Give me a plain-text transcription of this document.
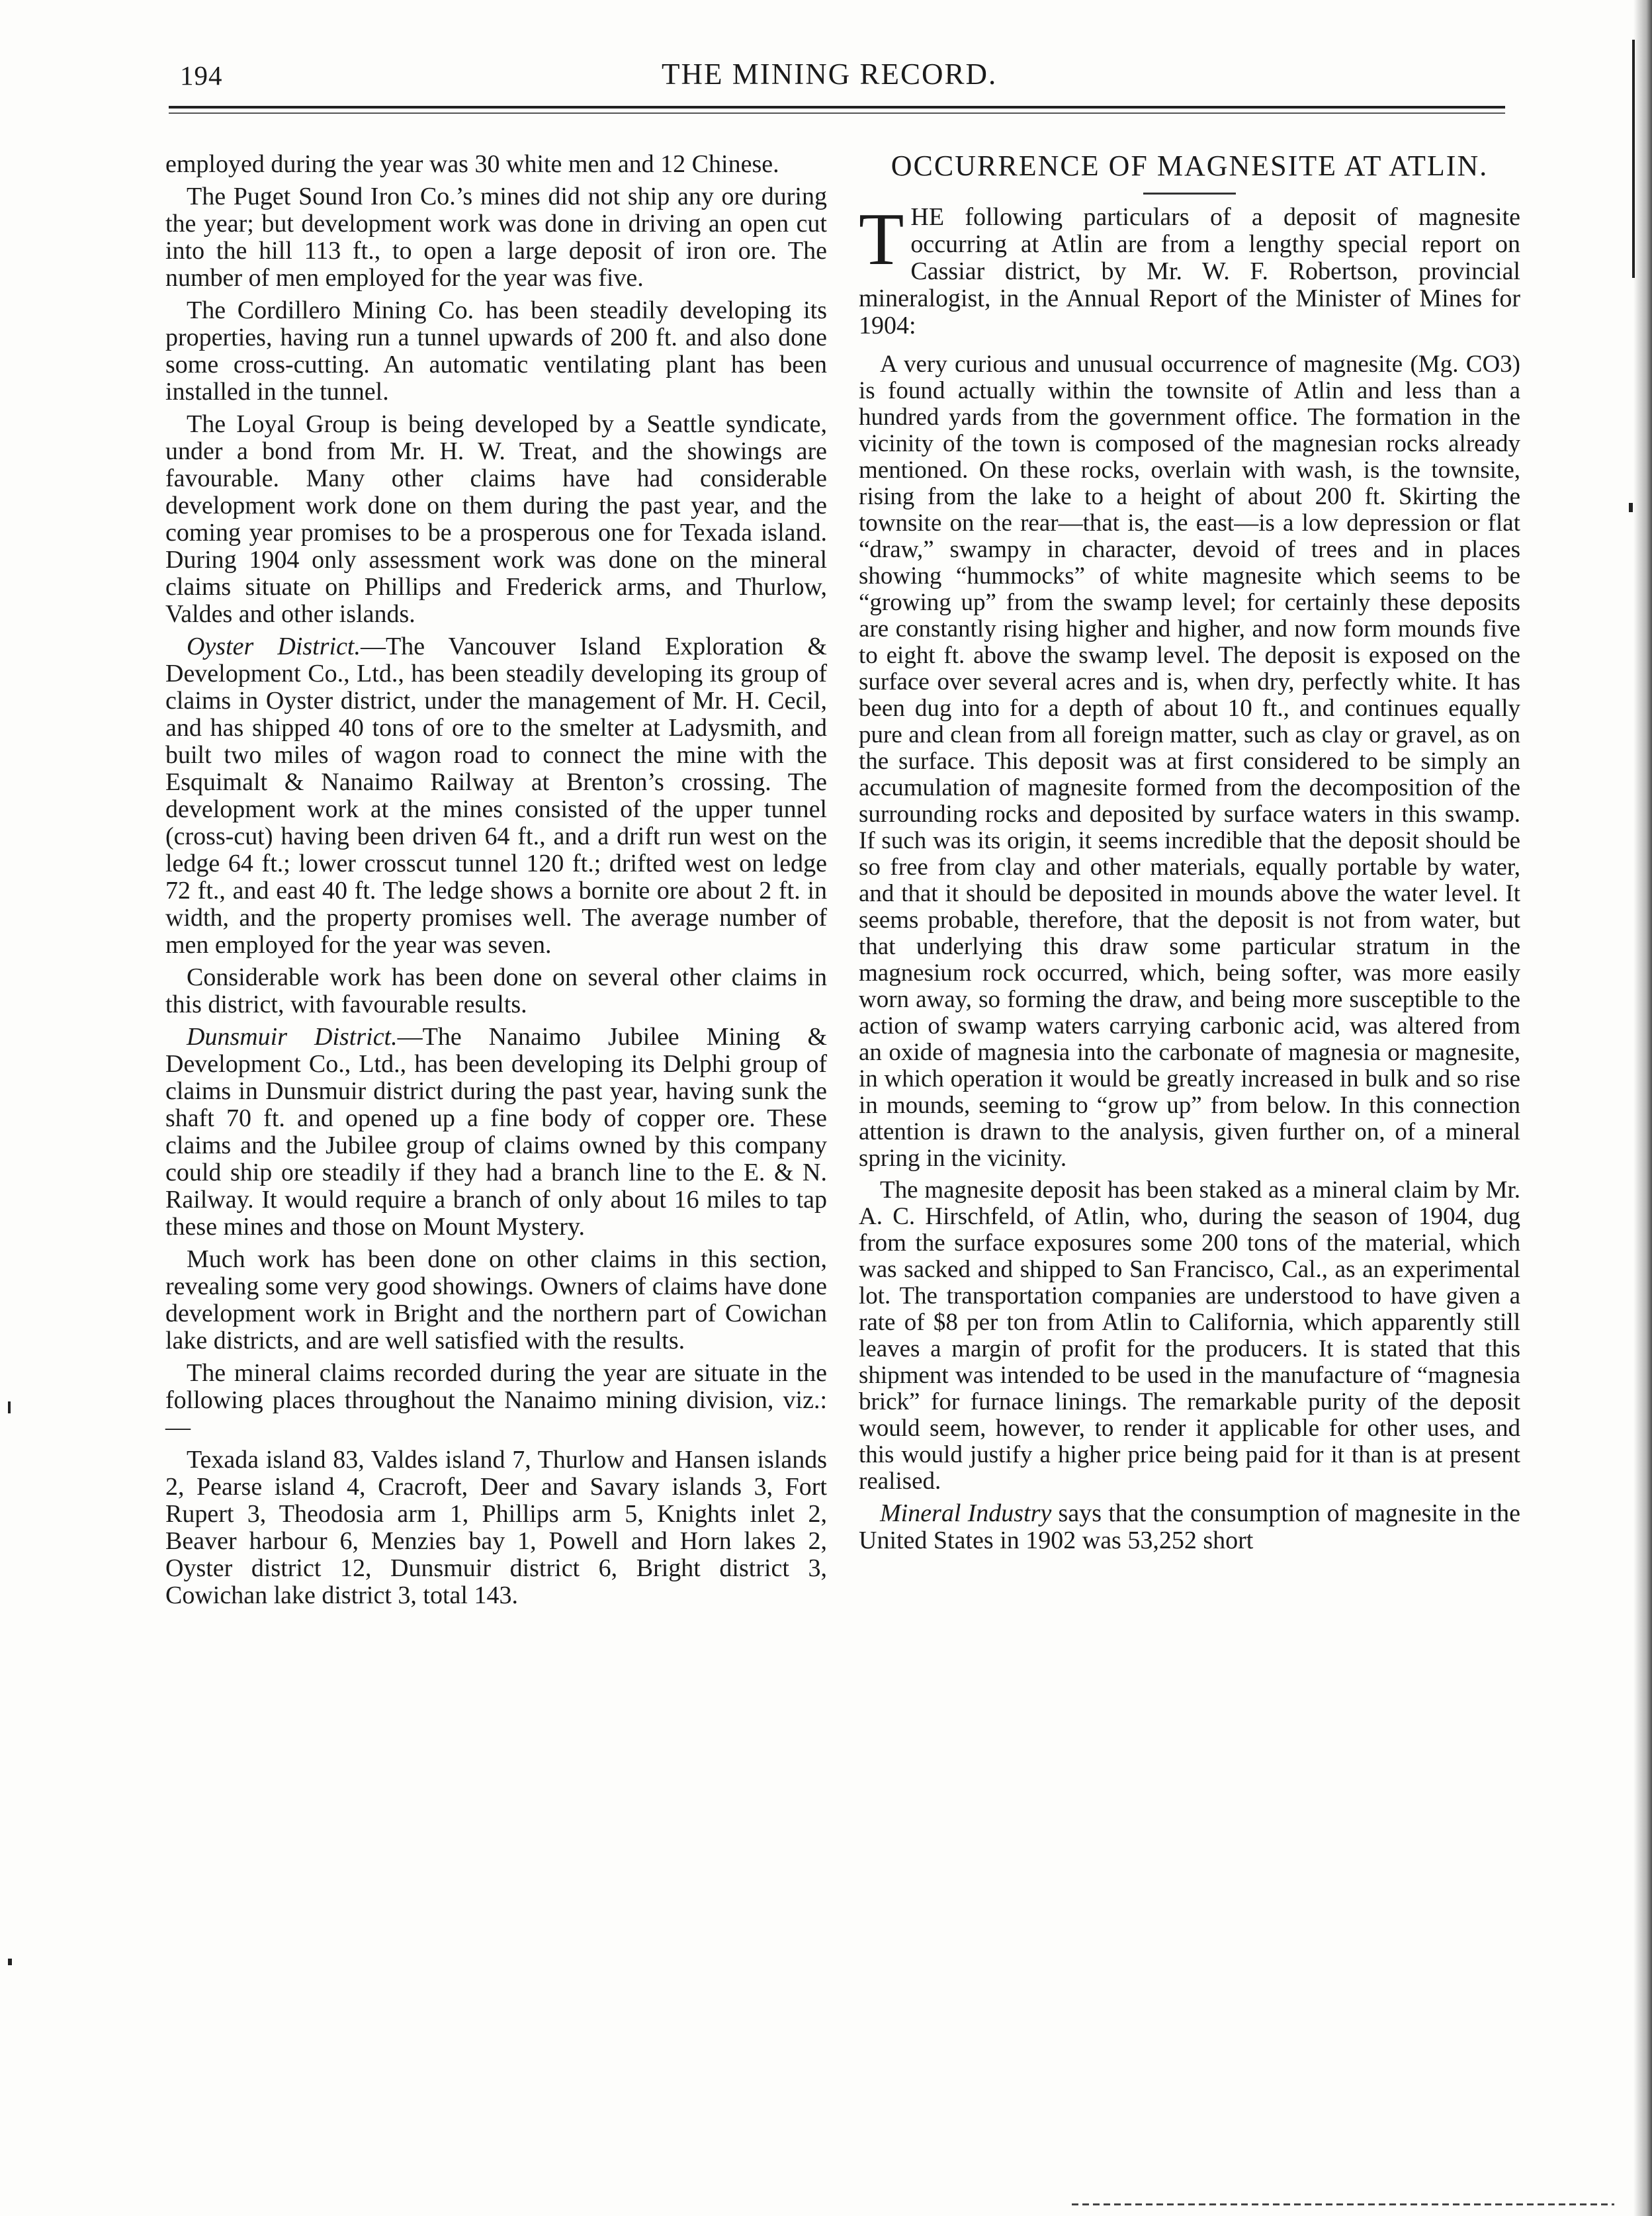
194	THE MINING RECORD.

employed during the year was 30 white men and 12 Chinese.

The Puget Sound Iron Co.’s mines did not ship any ore during the year; but development work was done in driving an open cut into the hill 113 ft., to open a large deposit of iron ore. The number of men employed for the year was five.

The Cordillero Mining Co. has been steadily developing its properties, having run a tunnel upwards of 200 ft. and also done some cross-cutting. An automatic ventilating plant has been installed in the tunnel.

The Loyal Group is being developed by a Seattle syndicate, under a bond from Mr. H. W. Treat, and the showings are favourable. Many other claims have had considerable development work done on them during the past year, and the coming year promises to be a prosperous one for Texada island. During 1904 only assessment work was done on the mineral claims situate on Phillips and Frederick arms, and Thurlow, Valdes and other islands.

Oyster District.—The Vancouver Island Exploration & Development Co., Ltd., has been steadily developing its group of claims in Oyster district, under the management of Mr. H. Cecil, and has shipped 40 tons of ore to the smelter at Ladysmith, and built two miles of wagon road to connect the mine with the Esquimalt & Nanaimo Railway at Brenton’s crossing. The development work at the mines consisted of the upper tunnel (cross-cut) having been driven 64 ft., and a drift run west on the ledge 64 ft.; lower crosscut tunnel 120 ft.; drifted west on ledge 72 ft., and east 40 ft. The ledge shows a bornite ore about 2 ft. in width, and the property promises well. The average number of men employed for the year was seven.

Considerable work has been done on several other claims in this district, with favourable results.

Dunsmuir District.—The Nanaimo Jubilee Mining & Development Co., Ltd., has been developing its Delphi group of claims in Dunsmuir district during the past year, having sunk the shaft 70 ft. and opened up a fine body of copper ore. These claims and the Jubilee group of claims owned by this company could ship ore steadily if they had a branch line to the E. & N. Railway. It would require a branch of only about 16 miles to tap these mines and those on Mount Mystery.

Much work has been done on other claims in this section, revealing some very good showings. Owners of claims have done development work in Bright and the northern part of Cowichan lake districts, and are well satisfied with the results.

The mineral claims recorded during the year are situate in the following places throughout the Nanaimo mining division, viz.:—

Texada island 83, Valdes island 7, Thurlow and Hansen islands 2, Pearse island 4, Cracroft, Deer and Savary islands 3, Fort Rupert 3, Theodosia arm 1, Phillips arm 5, Knights inlet 2, Beaver harbour 6, Menzies bay 1, Powell and Horn lakes 2, Oyster district 12, Dunsmuir district 6, Bright district 3, Cowichan lake district 3, total 143.

OCCURRENCE OF MAGNESITE AT ATLIN.

THE following particulars of a deposit of magnesite occurring at Atlin are from a lengthy special report on Cassiar district, by Mr. W. F. Robertson, provincial mineralogist, in the Annual Report of the Minister of Mines for 1904:

A very curious and unusual occurrence of magnesite (Mg. CO3) is found actually within the townsite of Atlin and less than a hundred yards from the government office. The formation in the vicinity of the town is composed of the magnesian rocks already mentioned. On these rocks, overlain with wash, is the townsite, rising from the lake to a height of about 200 ft. Skirting the townsite on the rear—that is, the east—is a low depression or flat “draw,” swampy in character, devoid of trees and in places showing “hummocks” of white magnesite which seems to be “growing up” from the swamp level; for certainly these deposits are constantly rising higher and higher, and now form mounds five to eight ft. above the swamp level. The deposit is exposed on the surface over several acres and is, when dry, perfectly white. It has been dug into for a depth of about 10 ft., and continues equally pure and clean from all foreign matter, such as clay or gravel, as on the surface. This deposit was at first considered to be simply an accumulation of magnesite formed from the decomposition of the surrounding rocks and deposited by surface waters in this swamp. If such was its origin, it seems incredible that the deposit should be so free from clay and other materials, equally portable by water, and that it should be deposited in mounds above the water level. It seems probable, therefore, that the deposit is not from water, but that underlying this draw some particular stratum in the magnesium rock occurred, which, being softer, was more easily worn away, so forming the draw, and being more susceptible to the action of swamp waters carrying carbonic acid, was altered from an oxide of magnesia into the carbonate of magnesia or magnesite, in which operation it would be greatly increased in bulk and so rise in mounds, seeming to “grow up” from below. In this connection attention is drawn to the analysis, given further on, of a mineral spring in the vicinity.

The magnesite deposit has been staked as a mineral claim by Mr. A. C. Hirschfeld, of Atlin, who, during the season of 1904, dug from the surface exposures some 200 tons of the material, which was sacked and shipped to San Francisco, Cal., as an experimental lot. The transportation companies are understood to have given a rate of $8 per ton from Atlin to California, which apparently still leaves a margin of profit for the producers. It is stated that this shipment was intended to be used in the manufacture of “magnesia brick” for furnace linings. The remarkable purity of the deposit would seem, however, to render it applicable for other uses, and this would justify a higher price being paid for it than is at present realised.

Mineral Industry says that the consumption of magnesite in the United States in 1902 was 53,252 short
